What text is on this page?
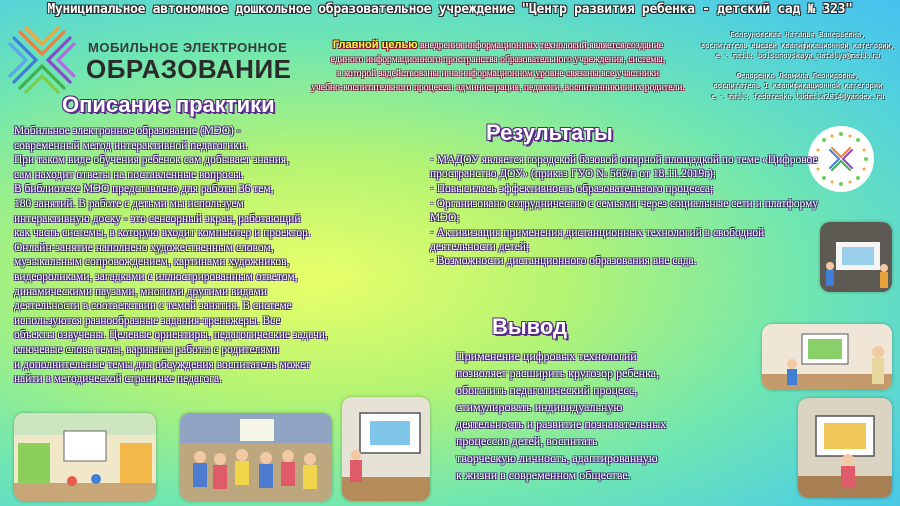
Муниципальное автономное дошкольное образовательное учреждение "Центр развития ребенка - детский сад № 323"
МОБИЛЬНОЕ ЭЛЕКТРОННОЕ
ОБРАЗОВАНИЕ
Главной целью внедрения информационных технологий является создание
единого информационного пространства образовательного учреждения, системы,
в которой задействованы и на информационном уровне связаны все участники
учебно-воспитательного процесса: администрация, педагоги, воспитанники и их родители.
Болсуновская Наталья Валерьевна,
воспитатель высшей квалификационной категории,
e - mail: bolsunovskaya_natalya@mail.ru
Федоренко Людмила Леонидовна,
воспитатель I квалификационной категории
e - mail: fedorenko.ludmila2814@yandex.ru
Описание практики

Мобильное электронное образование (МЭО) -

современный метод интерактивной педагогики.

При таком виде обучения ребенок сам добывает знания,

сам находит ответы на поставленные вопросы.

В библиотеке МЭО представлено для работы 36 тем,

180 занятий. В работе с детьми мы используем

интерактивную доску - это сенсорный экран, работающий

как часть системы, в которую входит компьютер и проектор.

Онлайн-занятие наполнено художественным словом,

музыкальным сопровождением, картинами художников,

видеороликами, загадками с иллюстрированным ответом,

динамическими паузами, многими другими видами

деятельности в соответствии с темой занятия. В системе

используются разнообразные задания-тренажеры. Все

объекты озвучены. Целевые ориентиры, педагогические задачи,

ключевые слова темы, варианты работы с родителями

и дополнительные темы для обсуждения воспитатель может

найти в методической страничке педагога.

Результаты
· МАДОУ является городской базовой опорной площадкой по теме «Цифровое пространство ДОУ» (приказ ГУО № 566/п от 18.11.2019г);
· Повысилась эффективность образовательного процесса;
· Организовано сотрудничество с семьями через социальные сети и платформу МЭО;
· Активизация применения дистанционных технологий в свободной деятельности детей;
· Возможности дистанционного образования вне сада.
Вывод
Применение цифровых технологий
позволяет расширить кругозор ребенка,
обогатить педагогический процесс,
стимулировать индивидуальную
деятельность и развитие познавательных
процессов детей, воспитать
творческую личность, адаптированную
к жизни в современном обществе.
